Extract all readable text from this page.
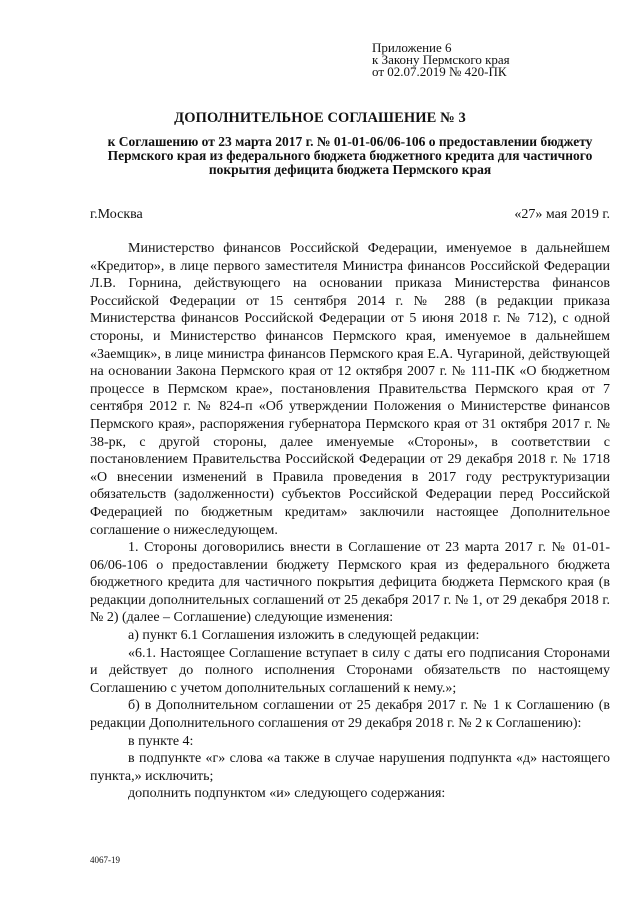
Приложение 6
к Закону Пермского края
от 02.07.2019 № 420-ПК
ДОПОЛНИТЕЛЬНОЕ СОГЛАШЕНИЕ № 3
к Соглашению от 23 марта 2017 г. № 01-01-06/06-106 о предоставлении бюджету Пермского края из федерального бюджета бюджетного кредита для частичного покрытия дефицита бюджета Пермского края
г.Москва	«27» мая 2019 г.

Министерство финансов Российской Федерации, именуемое в дальнейшем «Кредитор», в лице первого заместителя Министра финансов Российской Федерации Л.В. Горнина, действующего на основании приказа Министерства финансов Российской Федерации от 15 сентября 2014 г. № 288 (в редакции приказа Министерства финансов Российской Федерации от 5 июня 2018 г. № 712), с одной стороны, и Министерство финансов Пермского края, именуемое в дальнейшем «Заемщик», в лице министра финансов Пермского края Е.А. Чугариной, действующей на основании Закона Пермского края от 12 октября 2007 г. № 111-ПК «О бюджетном процессе в Пермском крае», постановления Правительства Пермского края от 7 сентября 2012 г. № 824-п «Об утверждении Положения о Министерстве финансов Пермского края», распоряжения губернатора Пермского края от 31 октября 2017 г. № 38-рк, с другой стороны, далее именуемые «Стороны», в соответствии с постановлением Правительства Российской Федерации от 29 декабря 2018 г. № 1718 «О внесении изменений в Правила проведения в 2017 году реструктуризации обязательств (задолженности) субъектов Российской Федерации перед Российской Федерацией по бюджетным кредитам» заключили настоящее Дополнительное соглашение о нижеследующем.

1. Стороны договорились внести в Соглашение от 23 марта 2017 г. № 01-01-06/06-106 о предоставлении бюджету Пермского края из федерального бюджета бюджетного кредита для частичного покрытия дефицита бюджета Пермского края (в редакции дополнительных соглашений от 25 декабря 2017 г. № 1, от 29 декабря 2018 г. № 2) (далее – Соглашение) следующие изменения:

а) пункт 6.1 Соглашения изложить в следующей редакции:

«6.1. Настоящее Соглашение вступает в силу с даты его подписания Сторонами и действует до полного исполнения Сторонами обязательств по настоящему Соглашению с учетом дополнительных соглашений к нему.»;

б) в Дополнительном соглашении от 25 декабря 2017 г. № 1 к Соглашению (в редакции Дополнительного соглашения от 29 декабря 2018 г. № 2 к Соглашению):

в пункте 4:

в подпункте «г» слова «а также в случае нарушения подпункта «д» настоящего пункта,» исключить;

дополнить подпунктом «и» следующего содержания:

4067-19
